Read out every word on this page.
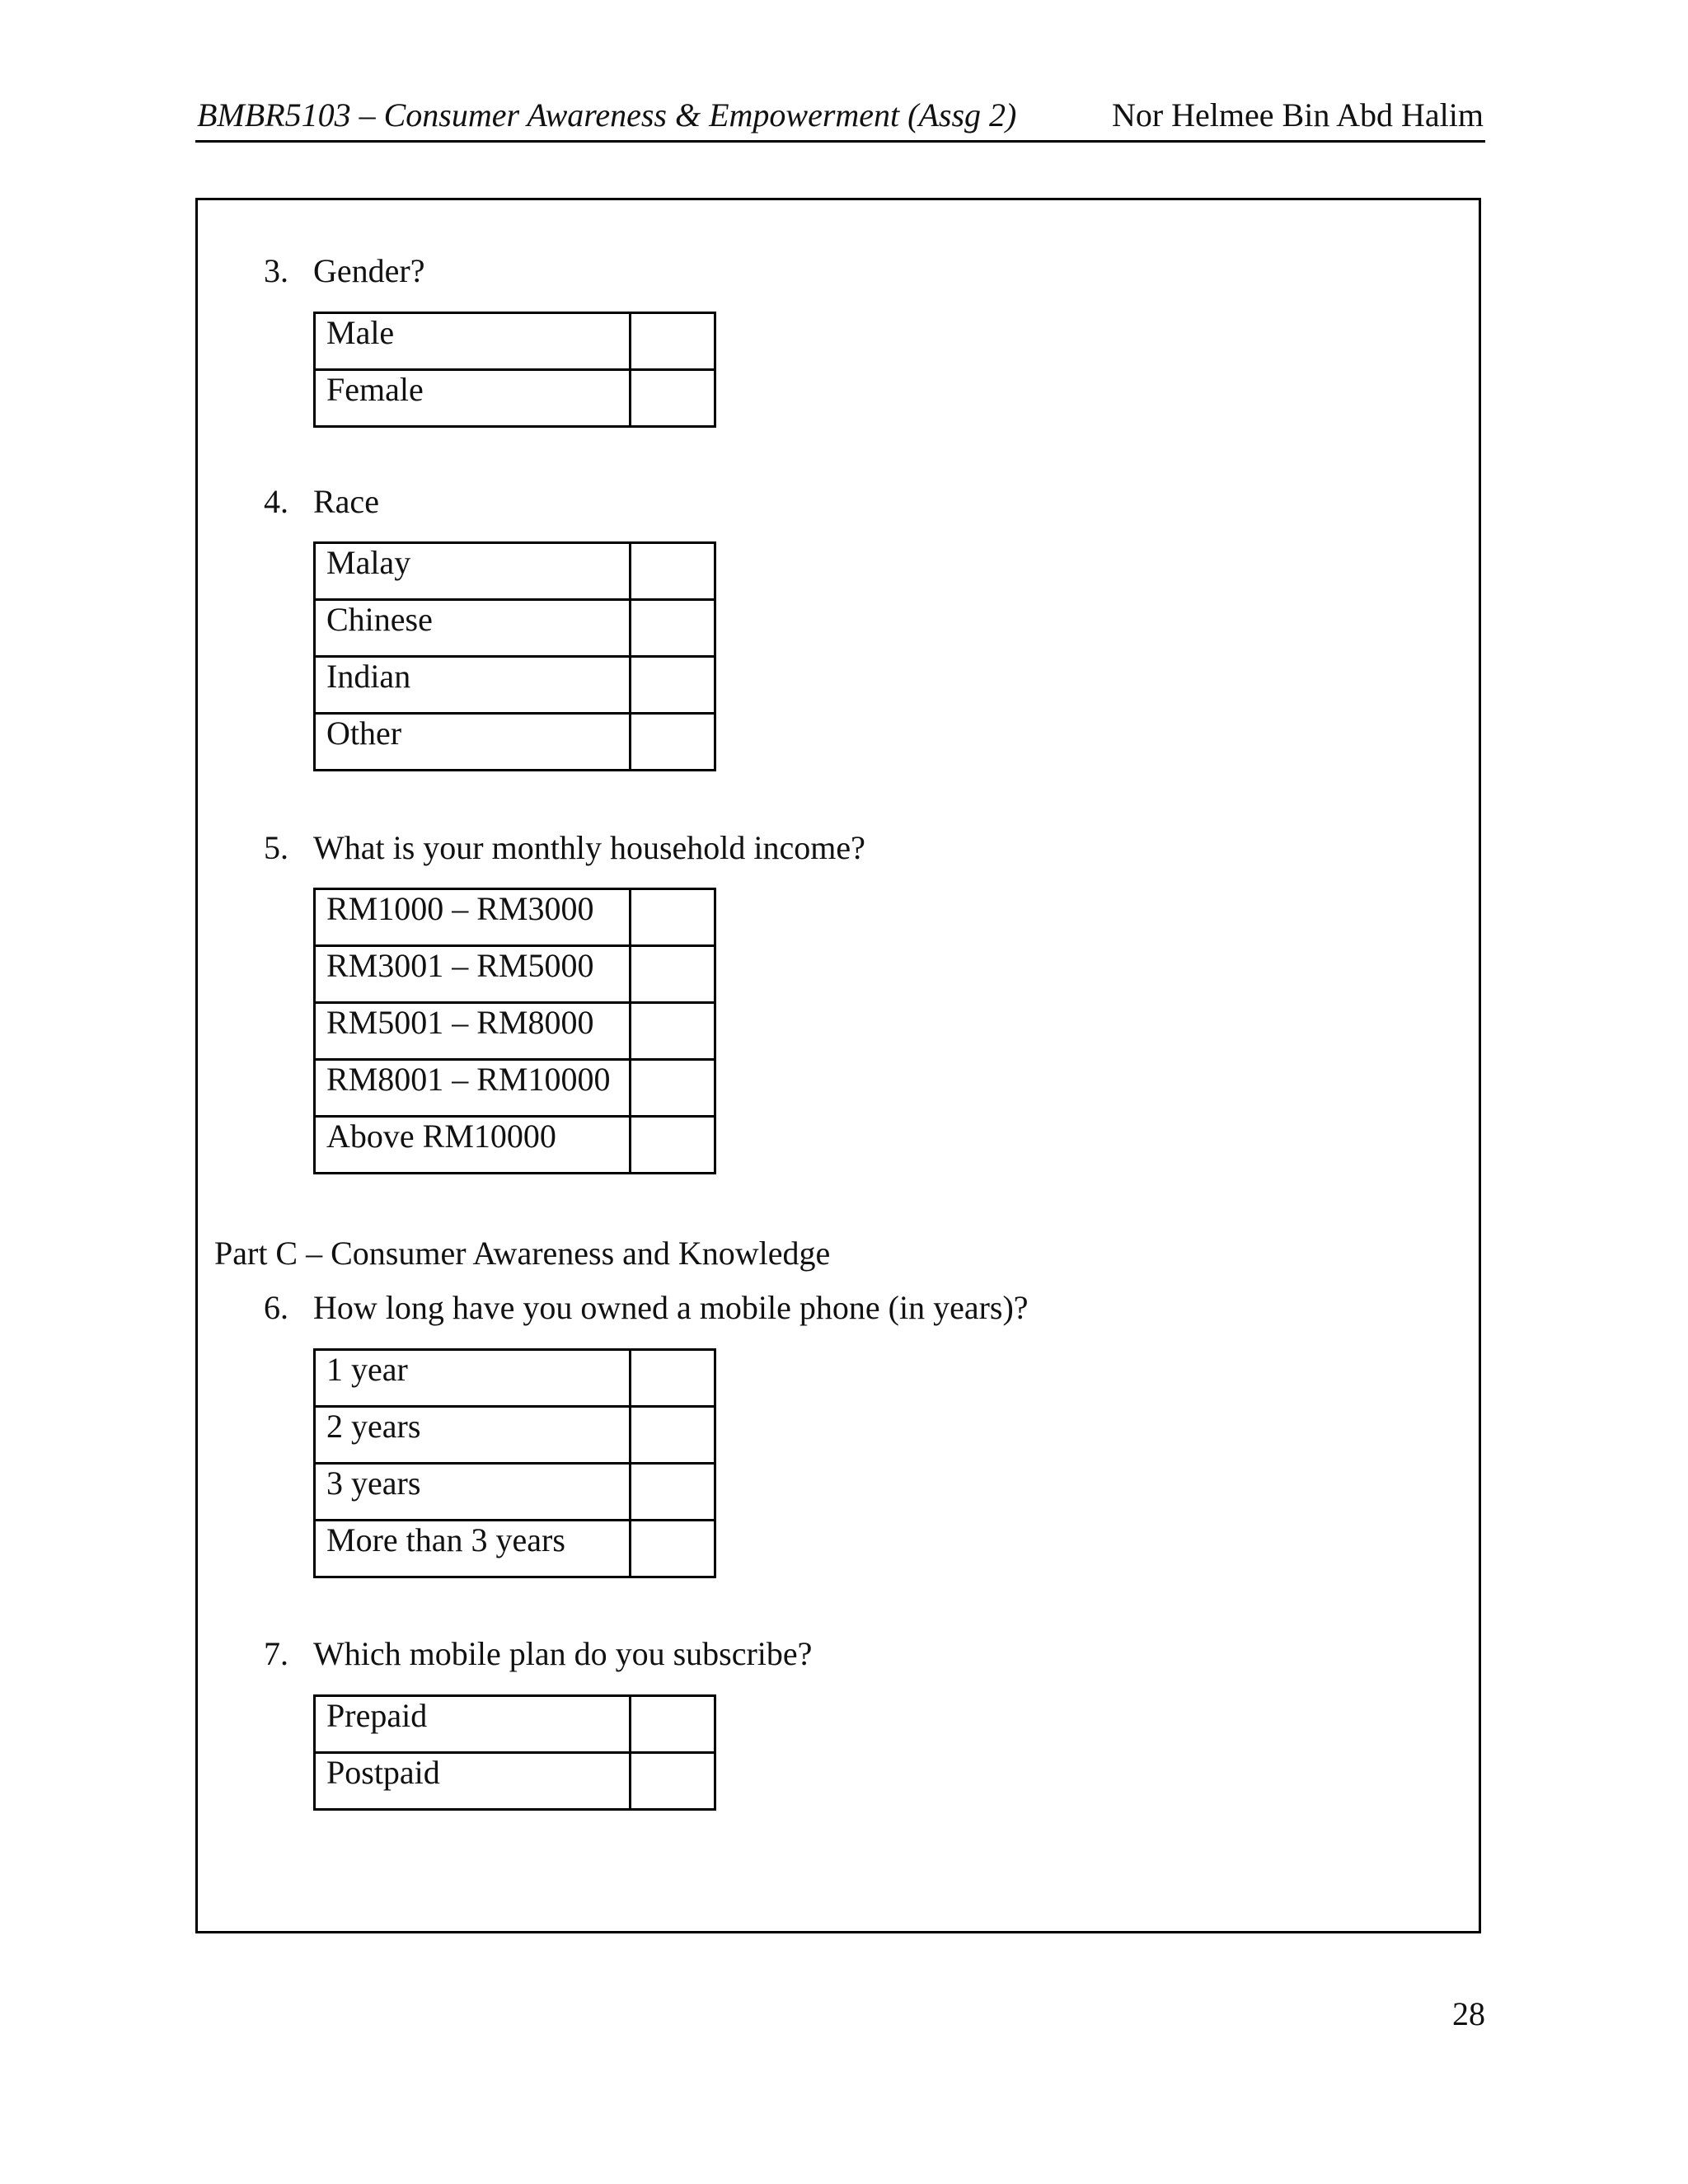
BMBR5103 – Consumer Awareness & Empowerment (Assg 2)	Nor Helmee Bin Abd Halim
3. Gender?
Male	
Female	
4. Race
Malay	
Chinese	
Indian	
Other	
5. What is your monthly household income?
RM1000 – RM3000	
RM3001 – RM5000	
RM5001 – RM8000	
RM8001 – RM10000	
Above RM10000	
Part C – Consumer Awareness and Knowledge
6. How long have you owned a mobile phone (in years)?
1 year	
2 years	
3 years	
More than 3 years	
7. Which mobile plan do you subscribe?
Prepaid	
Postpaid	
28
